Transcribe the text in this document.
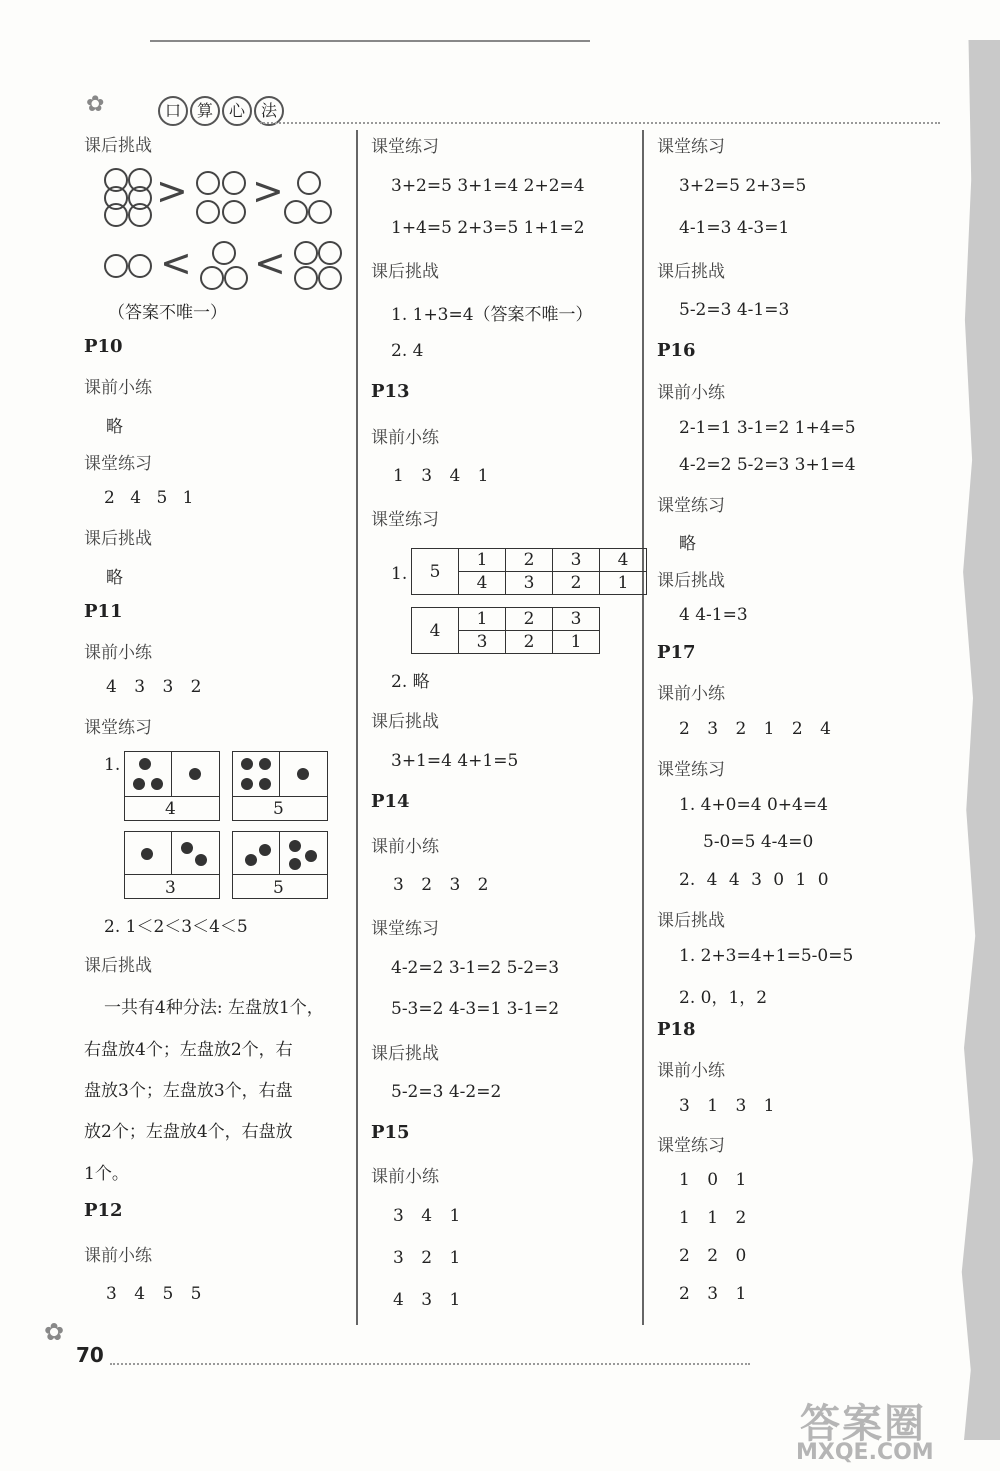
✿	口 算 心 法
课后挑战
> >
< <
（答案不唯一）
P10
课前小练
略
课堂练习
2 4 5 1
课后挑战
略
P11
课前小练
4 3 3 2
课堂练习
1.
4	5
3	5
2. 1＜2＜3＜4＜5
课后挑战
一共有4种分法: 左盘放1个，
右盘放4个；左盘放2个，右
盘放3个；左盘放3个，右盘
放2个；左盘放4个，右盘放
1个。
P12
课前小练
3 4 5 5
课堂练习
3+2=5 3+1=4 2+2=4
1+4=5 2+3=5 1+1=2
课后挑战
1. 1+3=4（答案不唯一）
2. 4
P13
课前小练
1 3 4 1
课堂练习
1. 5	1	2	3	4
	4	3	2	1
4	1	2	3
	3	2	1
2. 略
课后挑战
3+1=4 4+1=5
P14
课前小练
3 2 3 2
课堂练习
4-2=2 3-1=2 5-2=3
5-3=2 4-3=1 3-1=2
课后挑战
5-2=3 4-2=2
P15
课前小练
3 4 1
3 2 1
4 3 1
课堂练习
3+2=5 2+3=5
4-1=3 4-3=1
课后挑战
5-2=3 4-1=3
P16
课前小练
2-1=1 3-1=2 1+4=5
4-2=2 5-2=3 3+1=4
课堂练习
略
课后挑战
4 4-1=3
P17
课前小练
2 3 2 1 2 4
课堂练习
1. 4+0=4 0+4=4
5-0=5 4-4=0
2. 4 4 3 0 1 0
课后挑战
1. 2+3=4+1=5-0=5
2. 0，1，2
P18
课前小练
3 1 3 1
课堂练习
1 0 1
1 1 2
2 2 0
2 3 1
✿
70
答案圈
MXQE.COM
